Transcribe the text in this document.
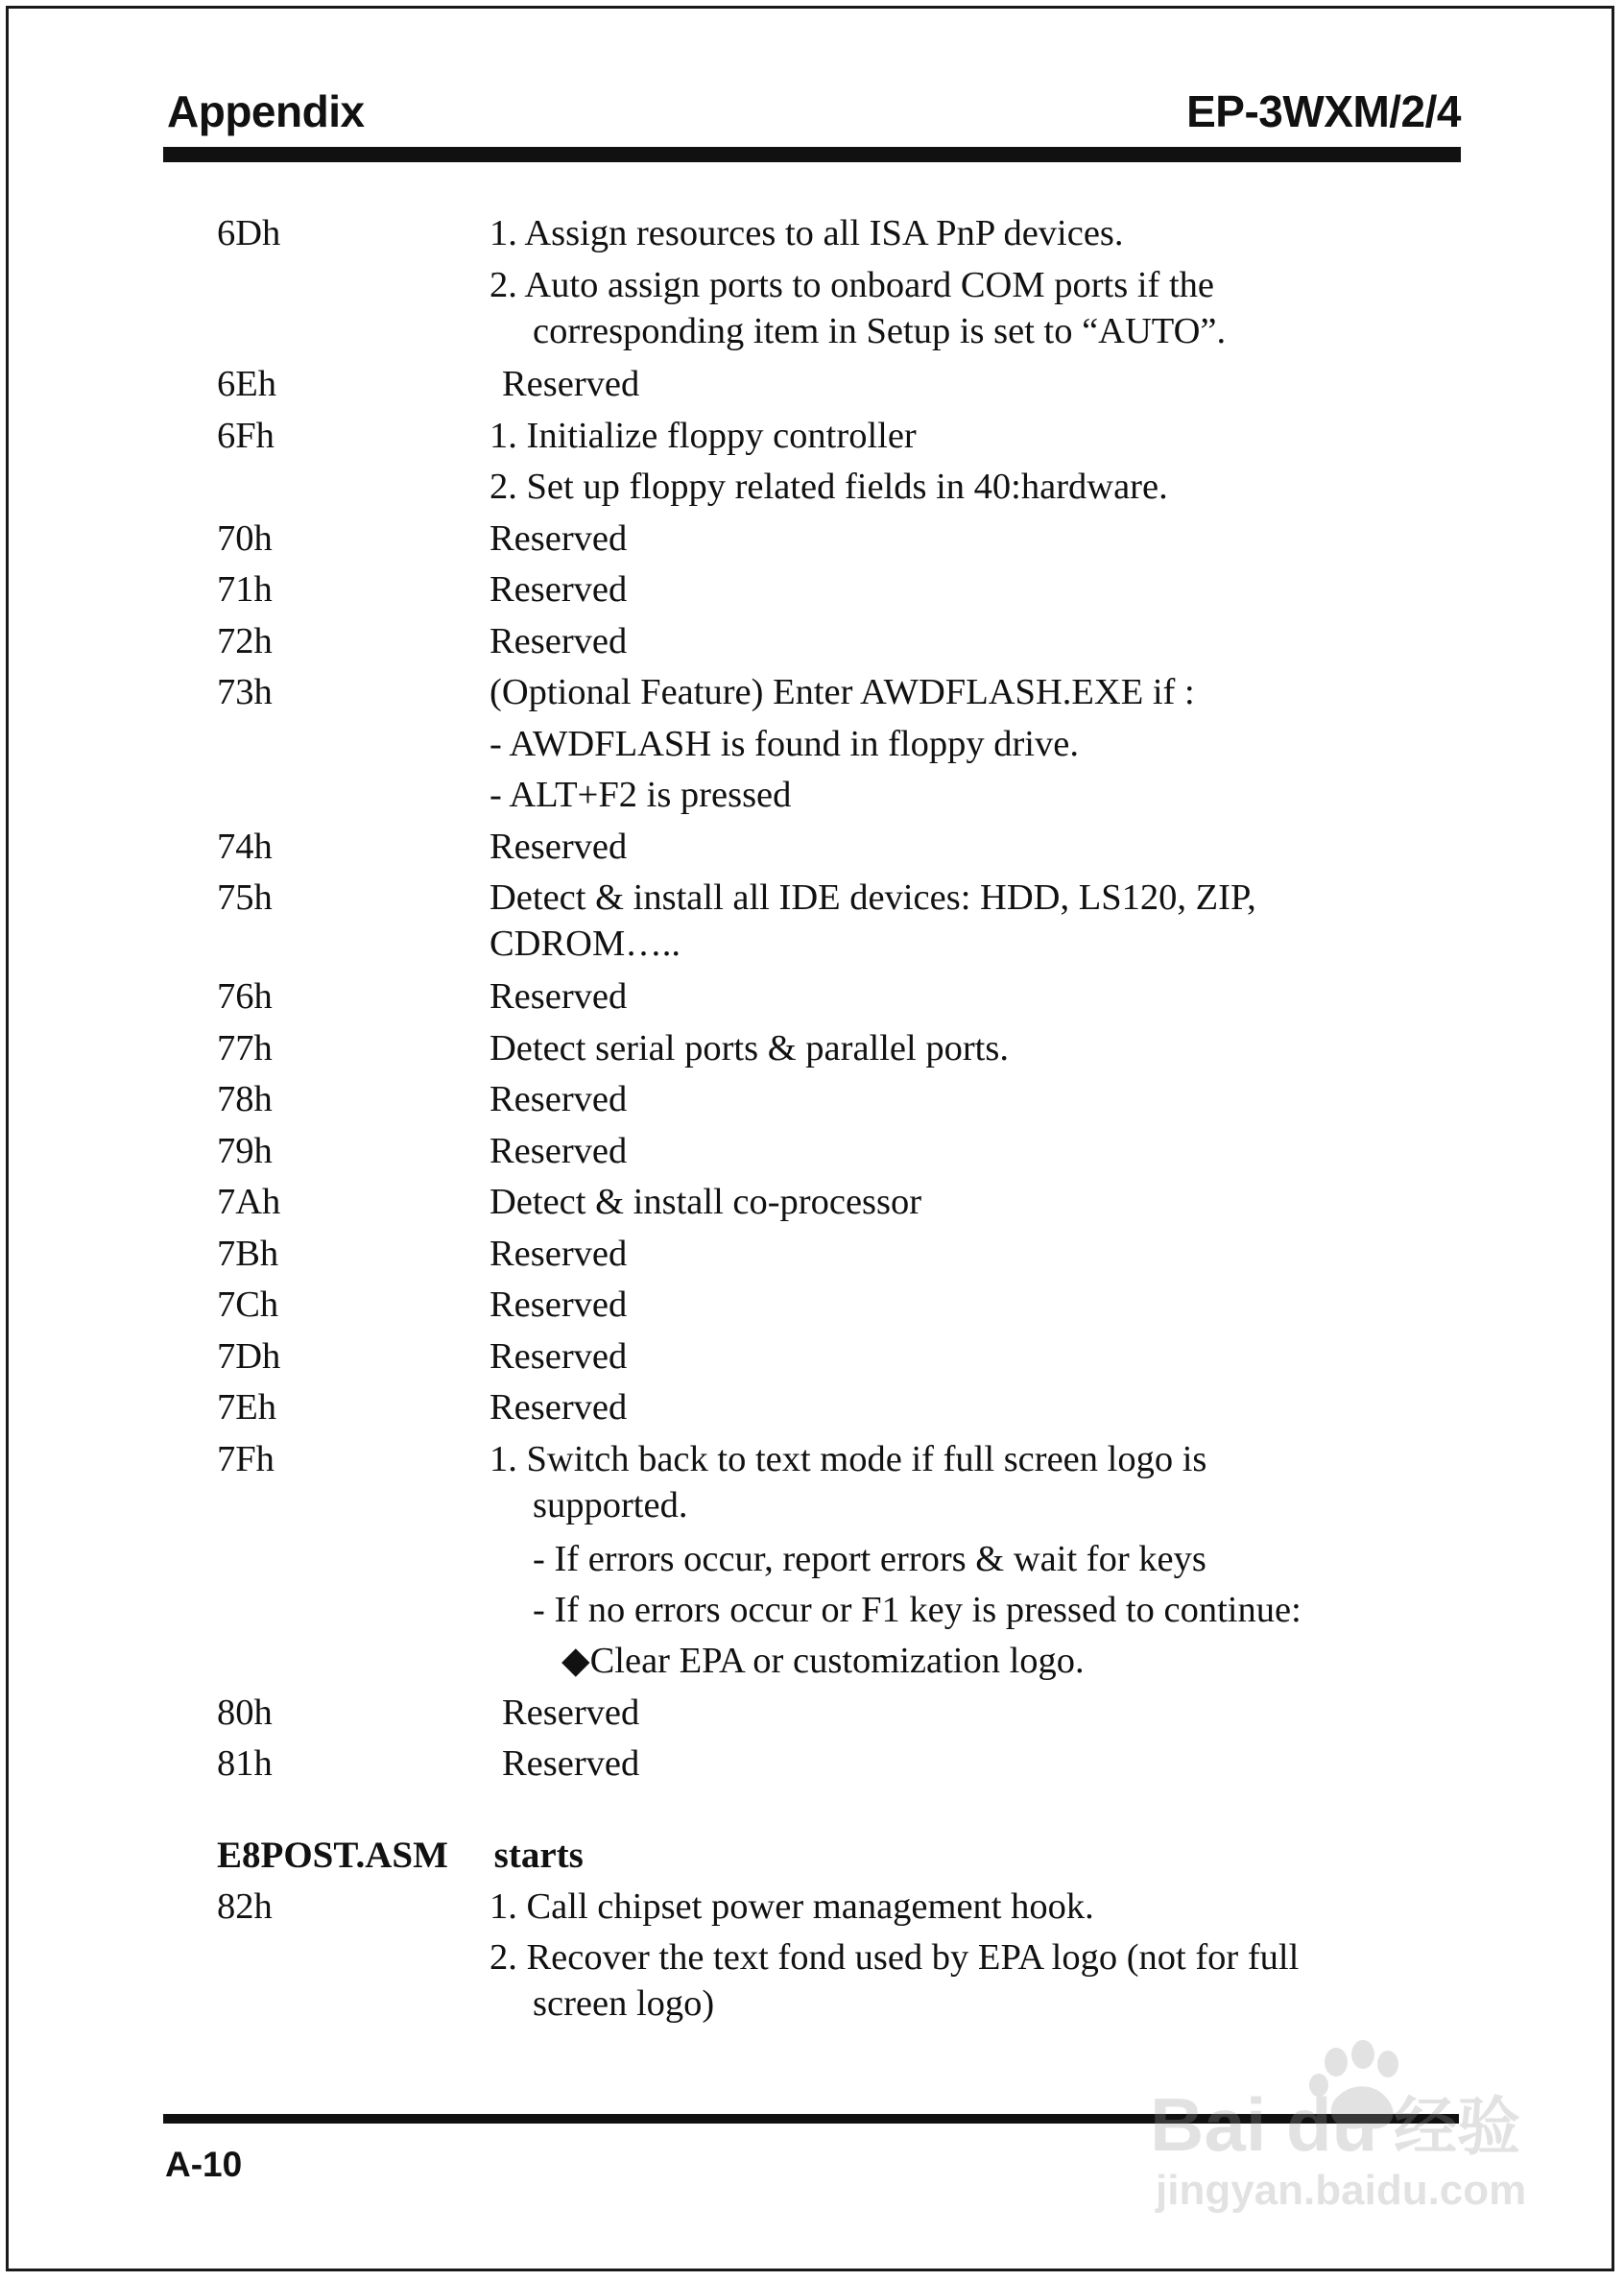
Appendix	EP-3WXM/2/4
6Dh	1. Assign resources to all ISA PnP devices.
2. Auto assign ports to onboard COM ports if the
corresponding item in Setup is set to “AUTO”.
6Eh	Reserved
6Fh	1. Initialize floppy controller
2. Set up floppy related fields in 40:hardware.
70h	Reserved
71h	Reserved
72h	Reserved
73h	(Optional Feature) Enter AWDFLASH.EXE if :
- AWDFLASH is found in floppy drive.
- ALT+F2 is pressed
74h	Reserved
75h	Detect & install all IDE devices: HDD, LS120, ZIP,
CDROM…..
76h	Reserved
77h	Detect serial ports & parallel ports.
78h	Reserved
79h	Reserved
7Ah	Detect & install co-processor
7Bh	Reserved
7Ch	Reserved
7Dh	Reserved
7Eh	Reserved
7Fh	1. Switch back to text mode if full screen logo is
supported.
- If errors occur, report errors & wait for keys
- If no errors occur or F1 key is pressed to continue:
◆Clear EPA or customization logo.
80h	Reserved
81h	Reserved
E8POST.ASM starts
82h	1. Call chipset power management hook.
2. Recover the text fond used by EPA logo (not for full
screen logo)
A-10	Bai du 经验
jingyan.baidu.com
